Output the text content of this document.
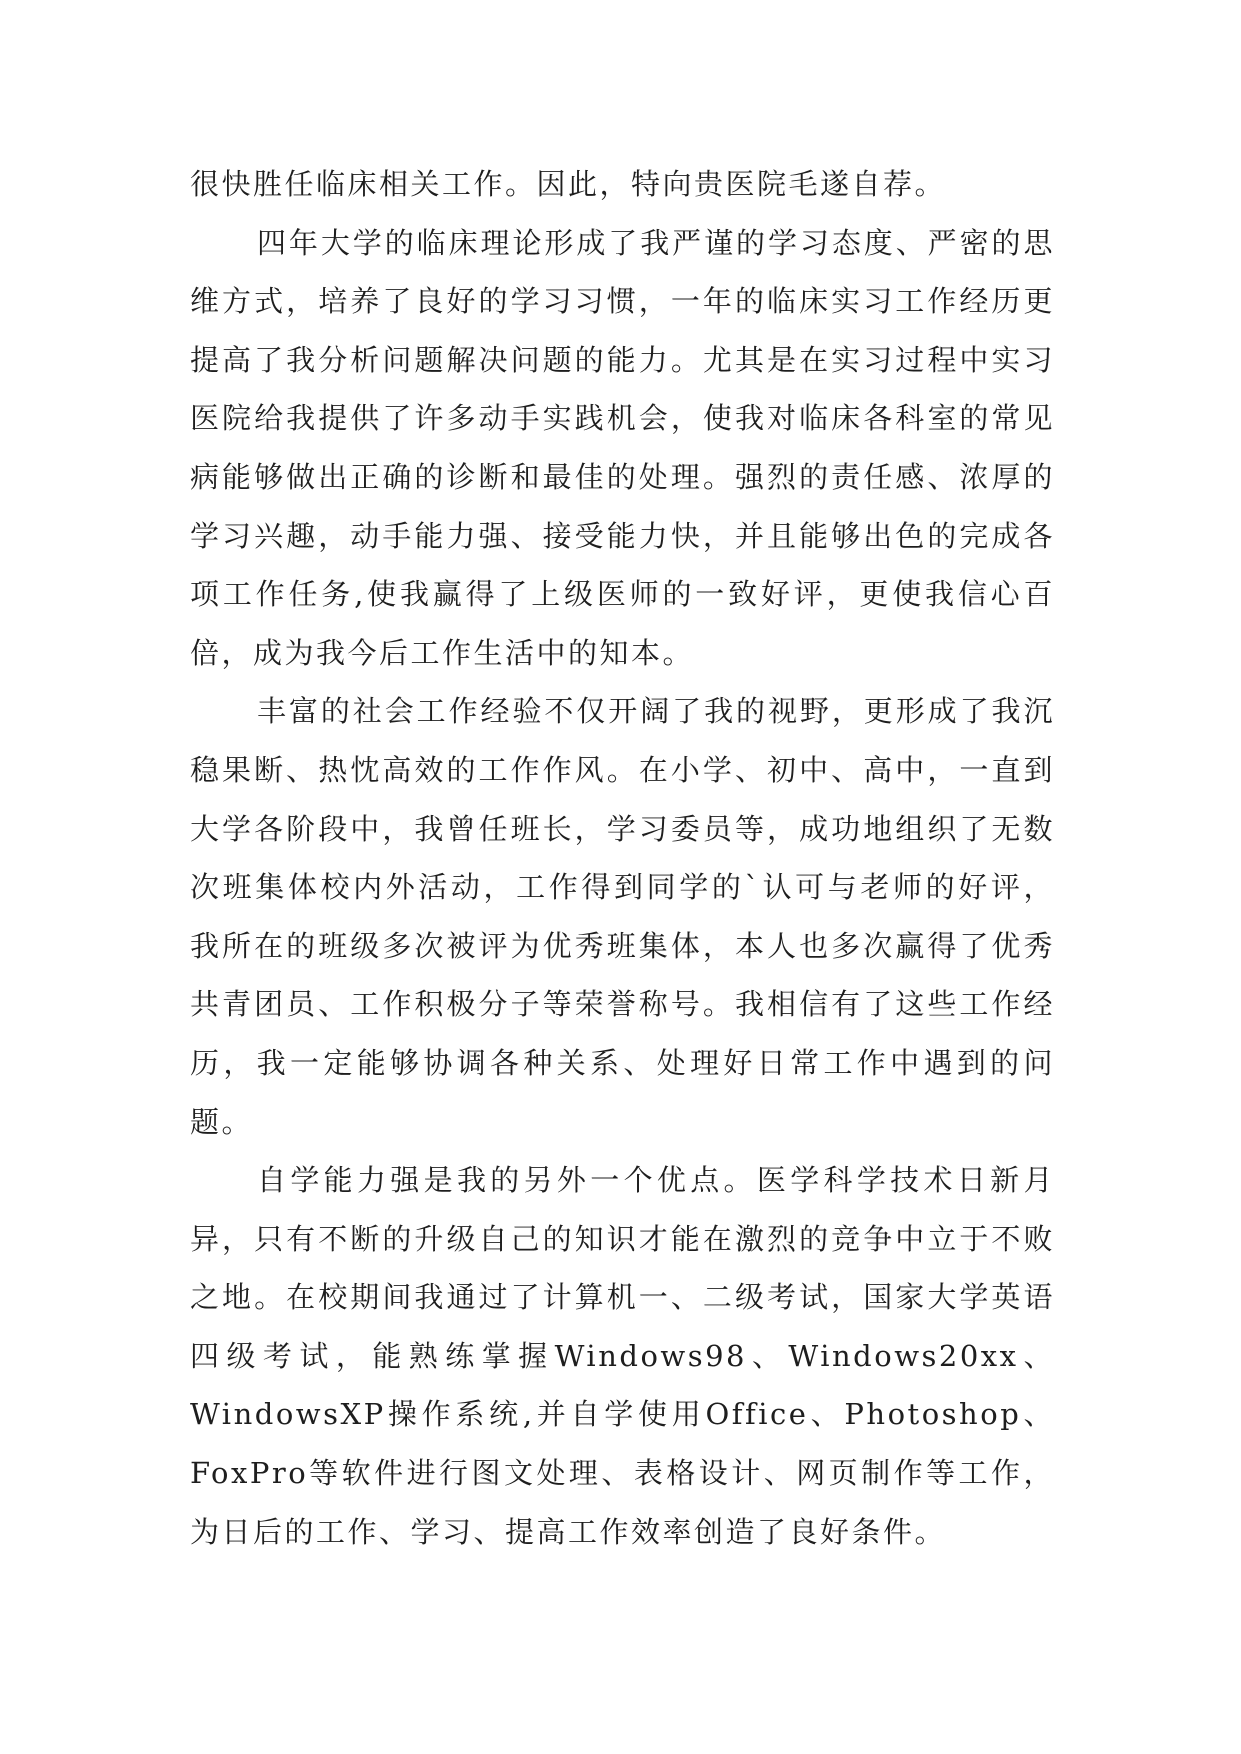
很快胜任临床相关工作。因此，特向贵医院毛遂自荐。

四年大学的临床理论形成了我严谨的学习态度、严密的思维方式，培养了良好的学习习惯，一年的临床实习工作经历更提高了我分析问题解决问题的能力。尤其是在实习过程中实习医院给我提供了许多动手实践机会，使我对临床各科室的常见病能够做出正确的诊断和最佳的处理。强烈的责任感、浓厚的学习兴趣，动手能力强、接受能力快，并且能够出色的完成各项工作任务,使我赢得了上级医师的一致好评，更使我信心百倍，成为我今后工作生活中的知本。

丰富的社会工作经验不仅开阔了我的视野，更形成了我沉稳果断、热忱高效的工作作风。在小学、初中、高中，一直到大学各阶段中，我曾任班长，学习委员等，成功地组织了无数次班集体校内外活动，工作得到同学的`认可与老师的好评，我所在的班级多次被评为优秀班集体，本人也多次赢得了优秀共青团员、工作积极分子等荣誉称号。我相信有了这些工作经历，我一定能够协调各种关系、处理好日常工作中遇到的问题。

自学能力强是我的另外一个优点。医学科学技术日新月异，只有不断的升级自己的知识才能在激烈的竞争中立于不败之地。在校期间我通过了计算机一、二级考试，国家大学英语四级考试，能熟练掌握Windows98、Windows20xx、WindowsXP操作系统,并自学使用Office、Photoshop、FoxPro等软件进行图文处理、表格设计、网页制作等工作，为日后的工作、学习、提高工作效率创造了良好条件。
